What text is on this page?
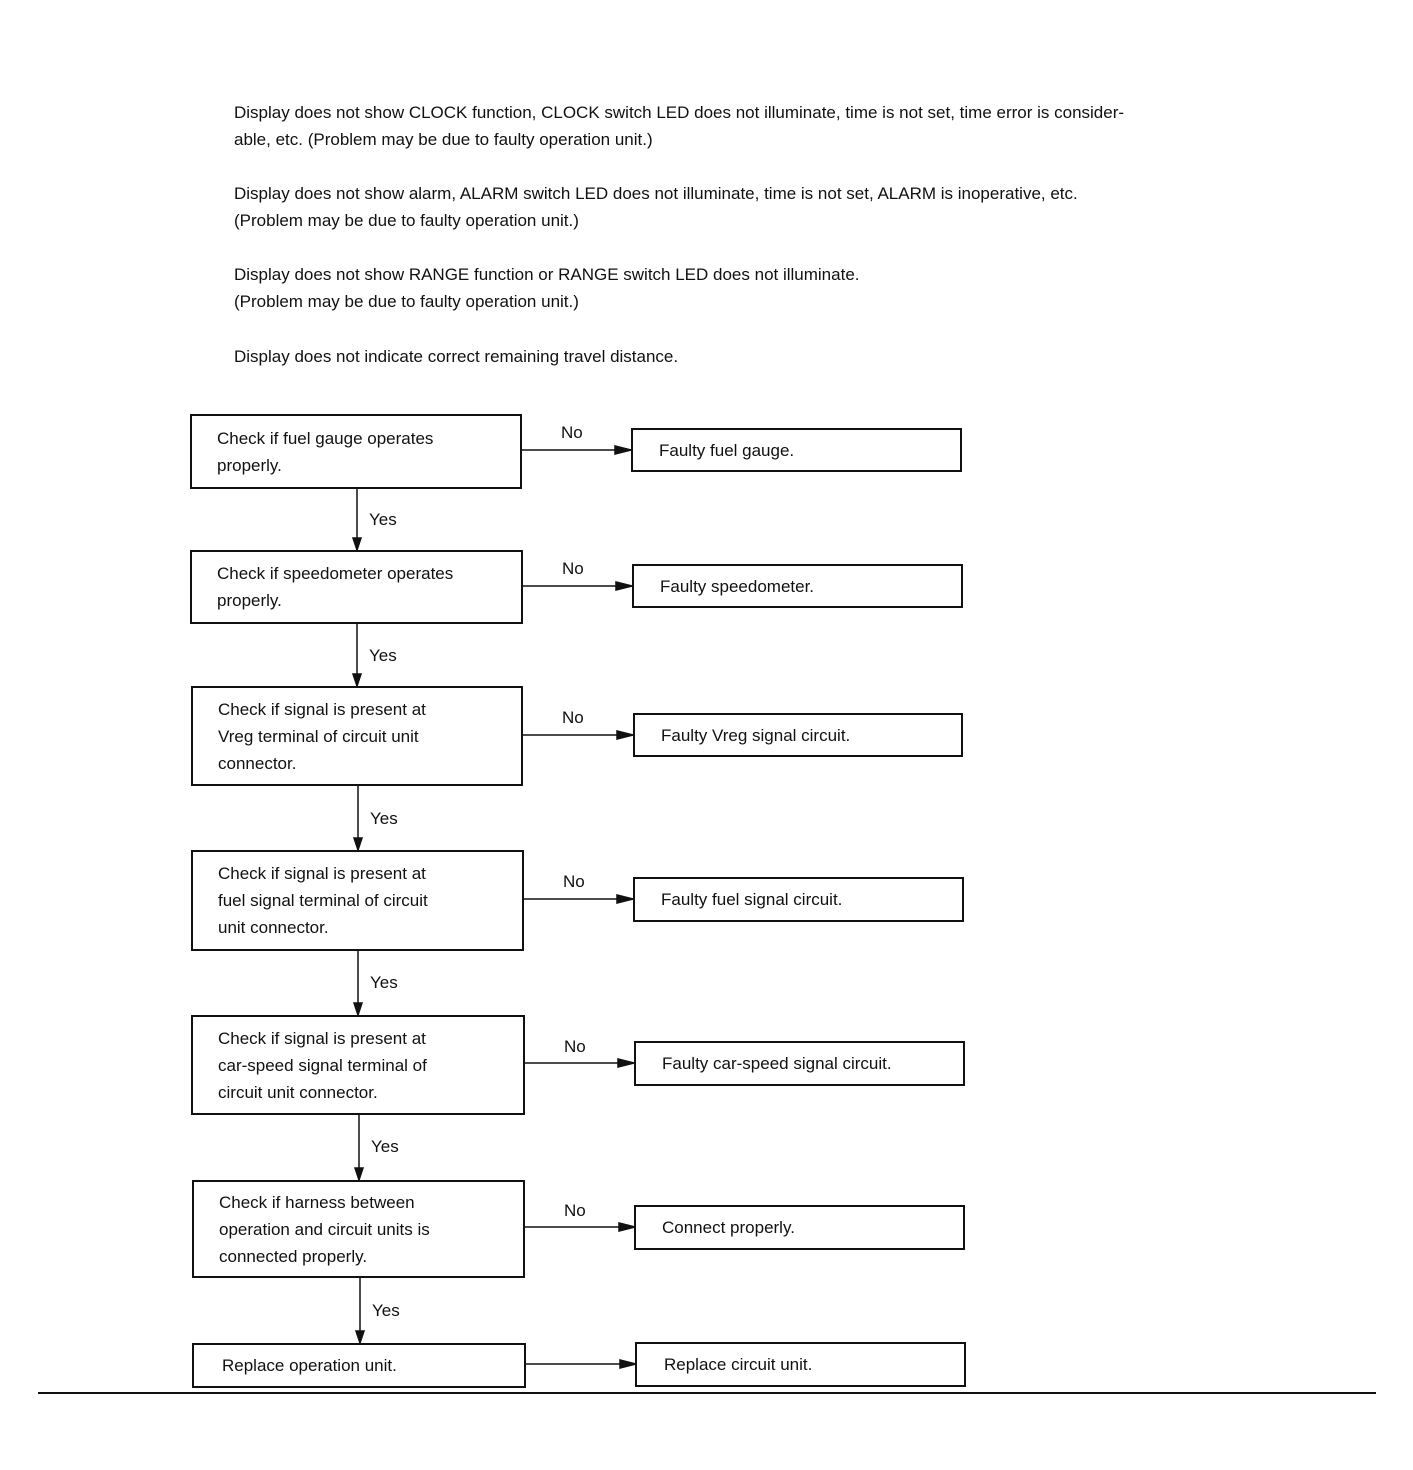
Display does not show CLOCK function, CLOCK switch LED does not illuminate, time is not set, time error is consider-
able, etc. (Problem may be due to faulty operation unit.)

Display does not show alarm, ALARM switch LED does not illuminate, time is not set, ALARM is inoperative, etc.
(Problem may be due to faulty operation unit.)

Display does not show RANGE function or RANGE switch LED does not illuminate.
(Problem may be due to faulty operation unit.)

Display does not indicate correct remaining travel distance.

Check if fuel gauge operates
properly.
No
Faulty fuel gauge.
Yes
Check if speedometer operates
properly.
No
Faulty speedometer.
Yes
Check if signal is present at
Vreg terminal of circuit unit
connector.
No
Faulty Vreg signal circuit.
Yes
Check if signal is present at
fuel signal terminal of circuit
unit connector.
No
Faulty fuel signal circuit.
Yes
Check if signal is present at
car-speed signal terminal of
circuit unit connector.
No
Faulty car-speed signal circuit.
Yes
Check if harness between
operation and circuit units is
connected properly.
No
Connect properly.
Yes
Replace operation unit.	Replace circuit unit.
